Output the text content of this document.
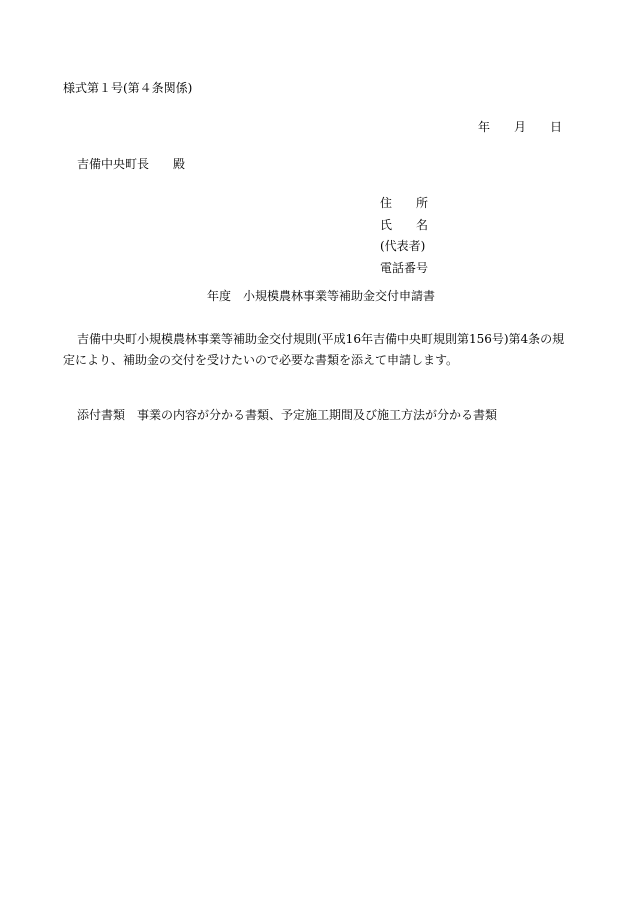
様式第１号(第４条関係)
年 月 日
吉備中央町長 殿
住 所
氏 名
(代表者)
電話番号
年度 小規模農林事業等補助金交付申請書
吉備中央町小規模農林事業等補助金交付規則(平成16年吉備中央町規則第156号)第4条の規定により、補助金の交付を受けたいので必要な書類を添えて申請します。
添付書類 事業の内容が分かる書類、予定施工期間及び施工方法が分かる書類
